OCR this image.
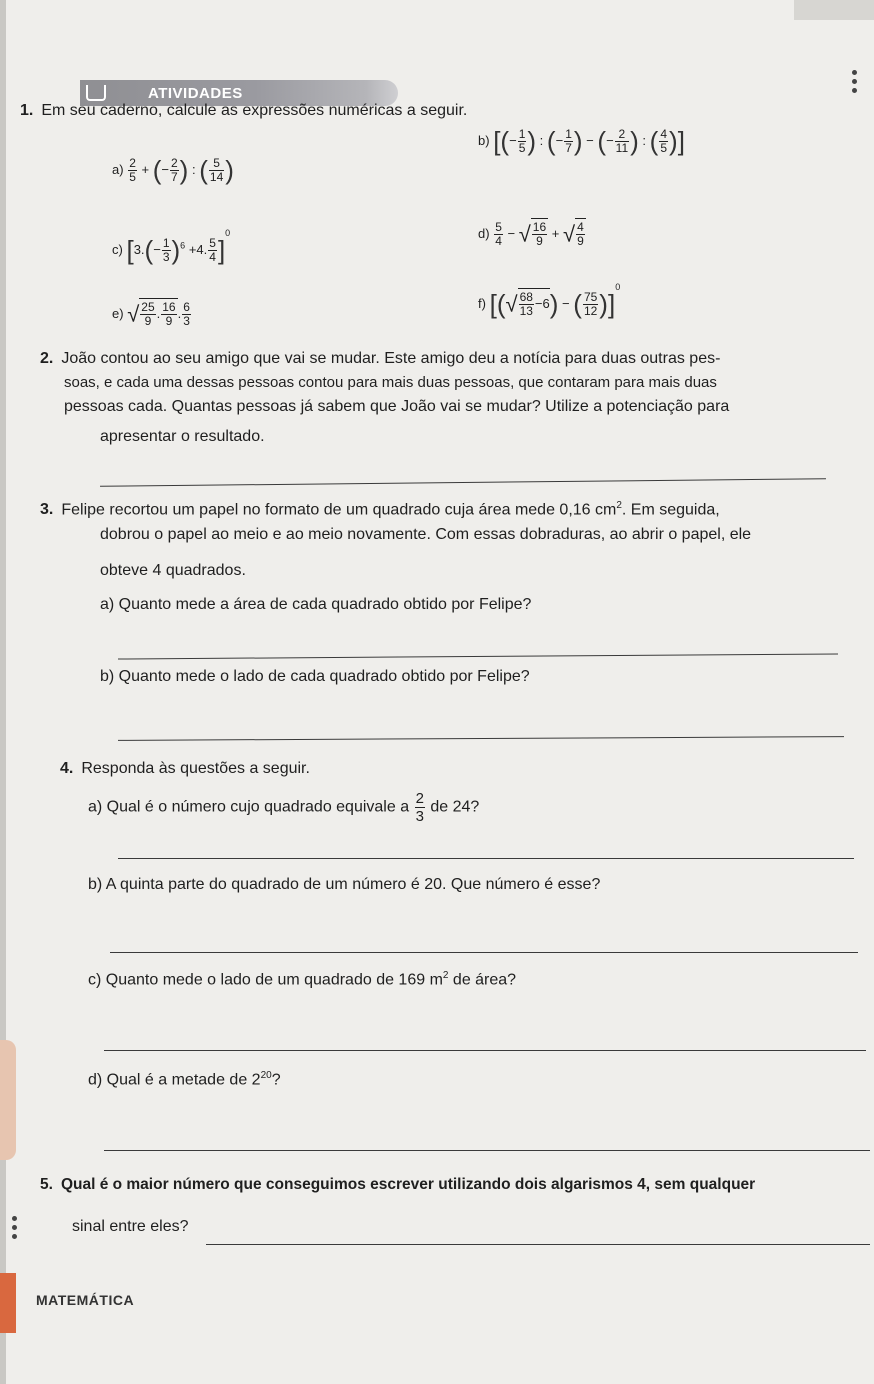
ATIVIDADES
1. Em seu caderno, calcule as expressões numéricas a seguir.
$a) \frac{2}{5}$ + (− $\frac{2}{7}$ ) : ( $\frac{5}{14}$ )
b) [(− $\frac{1}{5}$ ) : (− $\frac{1}{7}$ ) − (− $\frac{2}{11}$ ) : ( $\frac{4}{5}$ )]
c) [$3.(- \frac{1}{3} )^6 +4$. $\frac{5}{4} ]^0$	$d) \frac{5}{4}$ − √ $\frac{16}{9}$ + √ $\frac{4}{9}$
e) √ $\frac{25}{9}$ . $\frac{16}{9}$ . $\frac{6}{3}$	f) [(√ $\frac{68}{13} -6$) − ( $\frac{75}{12} )]^0$
2. João contou ao seu amigo que vai se mudar. Este amigo deu a notícia para duas outras pes-
soas, e cada uma dessas pessoas contou para mais duas pessoas, que contaram para mais duas
pessoas cada. Quantas pessoas já sabem que João vai se mudar? Utilize a potenciação para
apresentar o resultado.
3. Felipe recortou um papel no formato de um quadrado cuja área mede 0,16 $cm^2$. Em seguida,
dobrou o papel ao meio e ao meio novamente. Com essas dobraduras, ao abrir o papel, ele
obteve 4 quadrados.
a) Quanto mede a área de cada quadrado obtido por Felipe?
b) Quanto mede o lado de cada quadrado obtido por Felipe?
4. Responda às questões a seguir.
a) Qual é o número cujo quadrado equivale a $\frac{2}{3}$ de 24?
b) A quinta parte do quadrado de um número é 20. Que número é esse?
c) Quanto mede o lado de um quadrado de 169 $m^2$ de área?
d) Qual é a metade de $2^{20}$?
5. Qual é o maior número que conseguimos escrever utilizando dois algarismos 4, sem qualquer
sinal entre eles?
MATEMÁTICA
